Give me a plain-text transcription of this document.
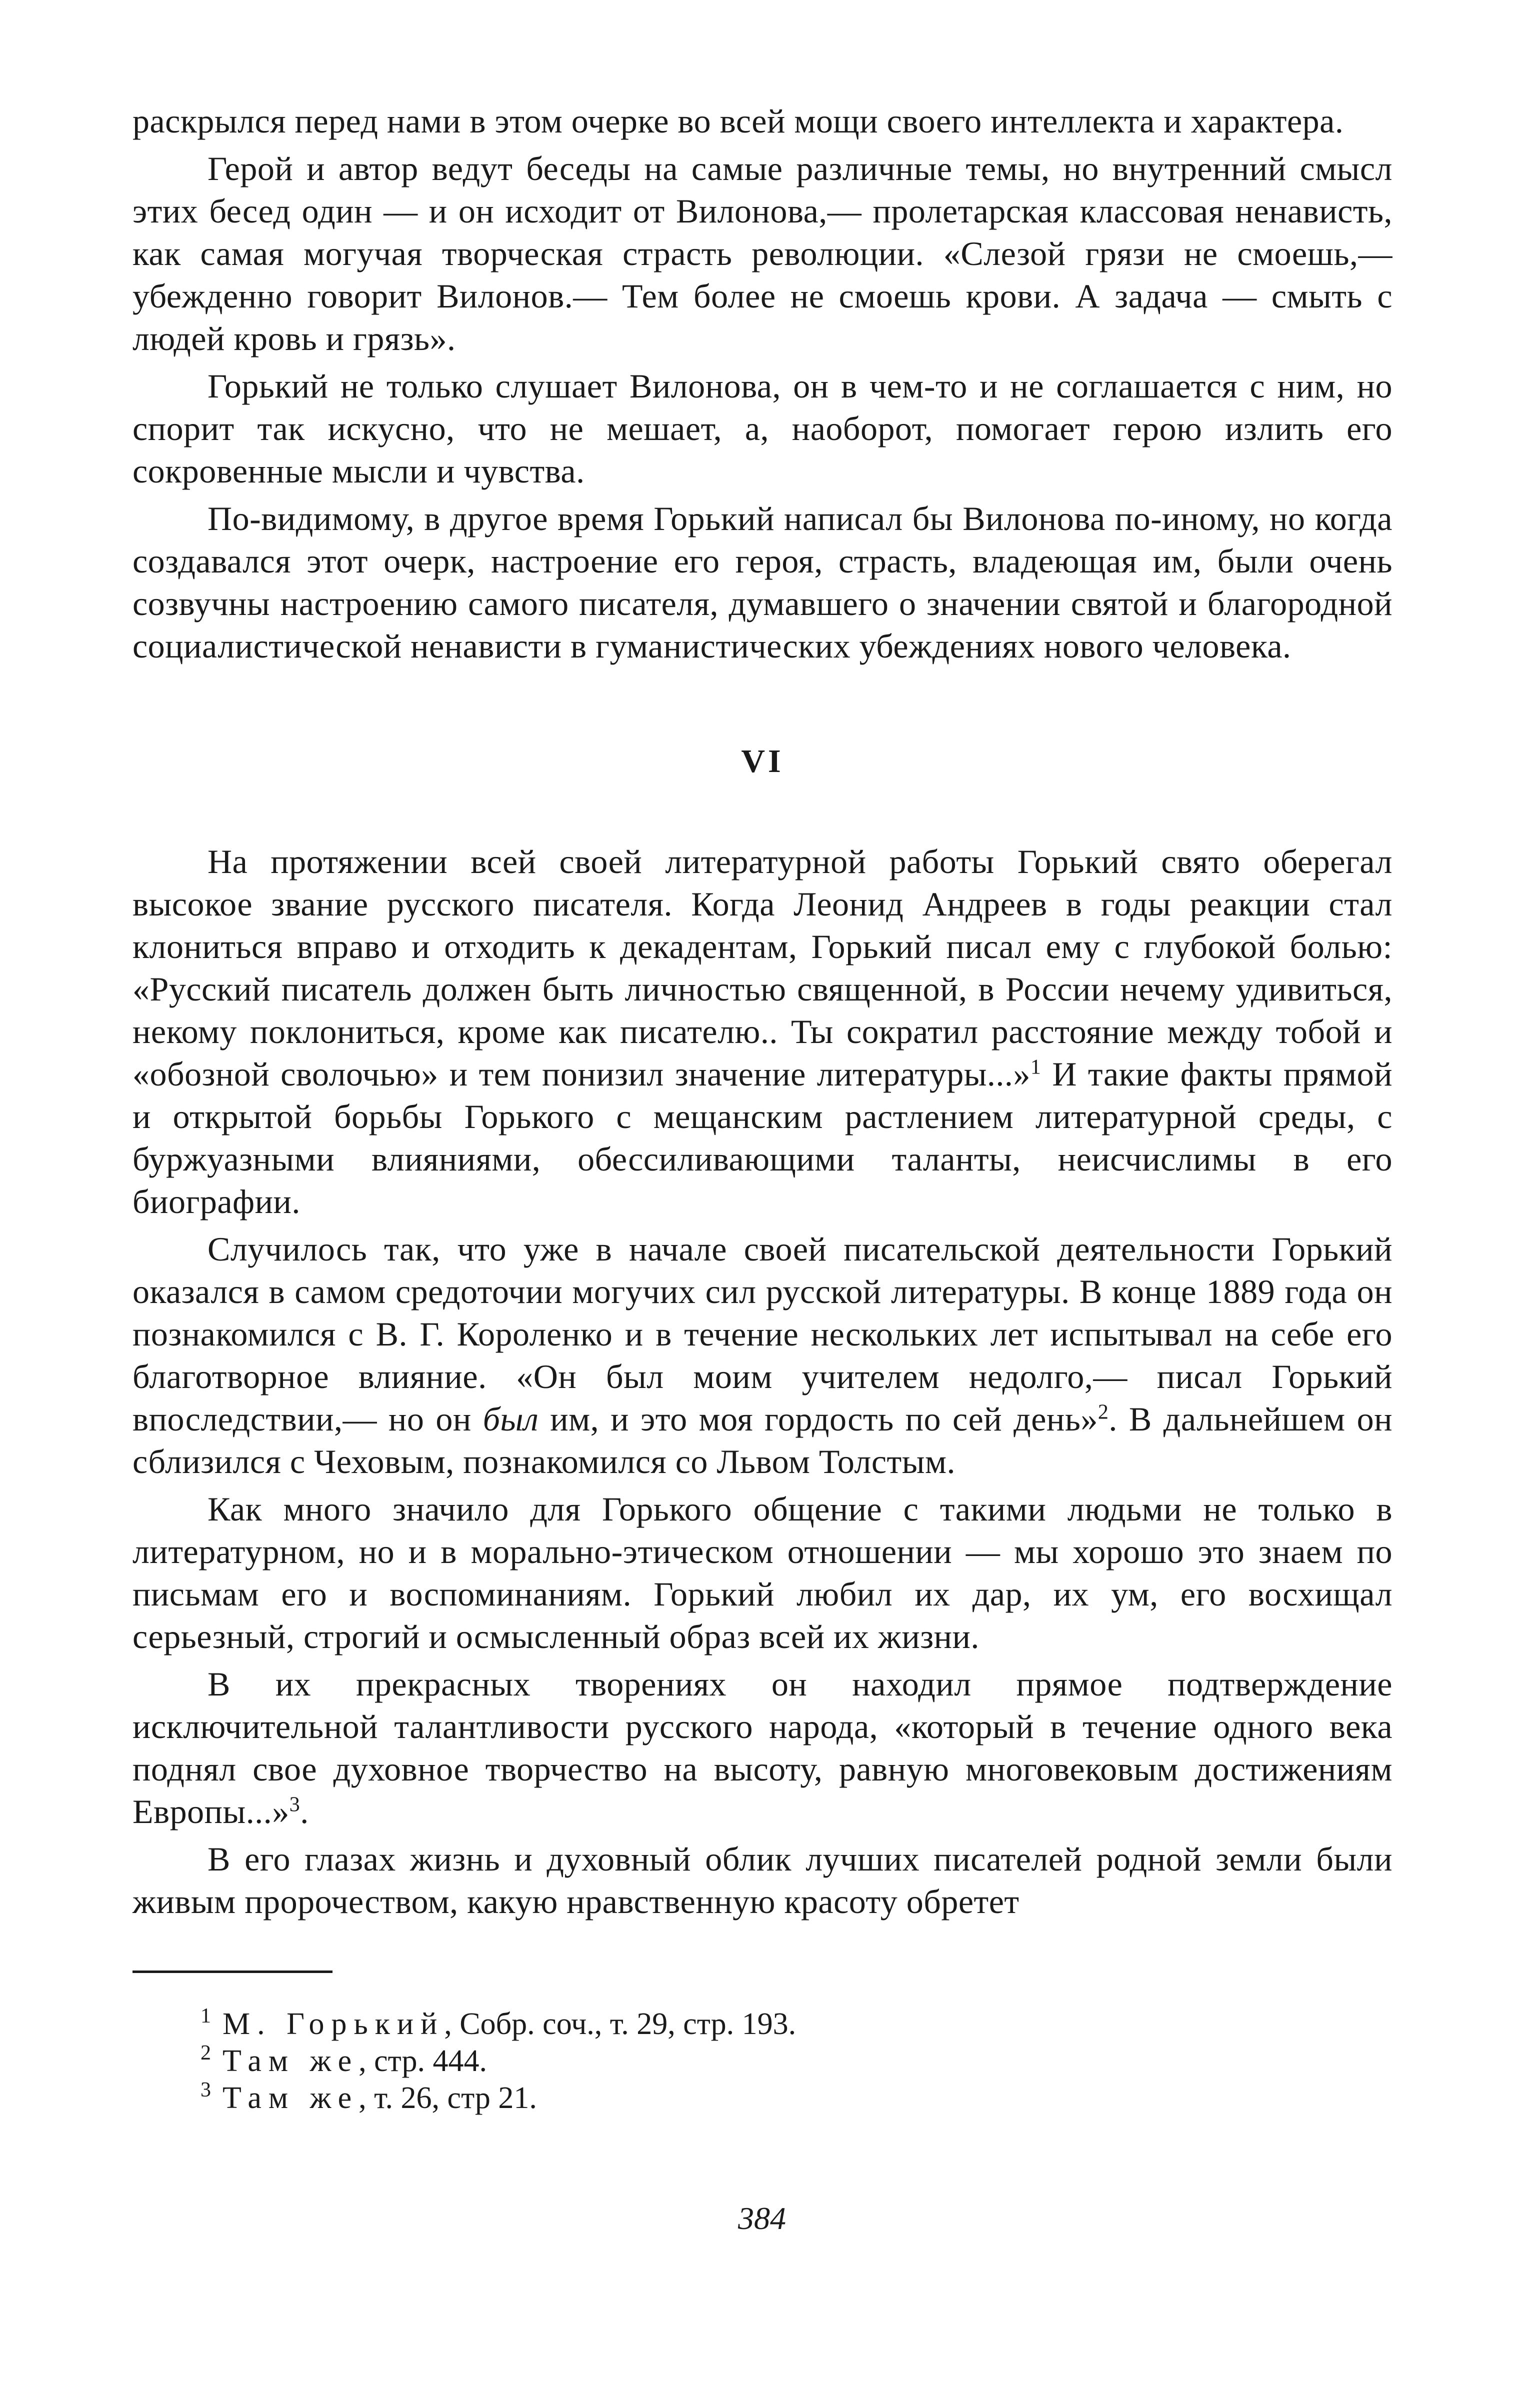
раскрылся перед нами в этом очерке во всей мощи своего интеллекта и характера.

Герой и автор ведут беседы на самые различные темы, но внутренний смысл этих бесед один — и он исходит от Вилонова,— пролетарская классовая ненависть, как самая могучая творческая страсть революции. «Слезой грязи не смоешь,— убежденно говорит Вилонов.— Тем более не смоешь крови. А задача — смыть с людей кровь и грязь».

Горький не только слушает Вилонова, он в чем-то и не соглашается с ним, но спорит так искусно, что не мешает, а, наоборот, помогает герою излить его сокровенные мысли и чувства.

По-видимому, в другое время Горький написал бы Вилонова по-иному, но когда создавался этот очерк, настроение его героя, страсть, владеющая им, были очень созвучны настроению самого писателя, думавшего о значении святой и благородной социалистической ненависти в гуманистических убеждениях нового человека.

VI

На протяжении всей своей литературной работы Горький свято оберегал высокое звание русского писателя. Когда Леонид Андреев в годы реакции стал клониться вправо и отходить к декадентам, Горький писал ему с глубокой болью: «Русский писатель должен быть личностью священной, в России нечему удивиться, некому поклониться, кроме как писателю.. Ты сократил расстояние между тобой и «обозной сволочью» и тем понизил значение литературы...»$^1$ И такие факты прямой и открытой борьбы Горького с мещанским растлением литературной среды, с буржуазными влияниями, обессиливающими таланты, неисчислимы в его биографии.

Случилось так, что уже в начале своей писательской деятельности Горький оказался в самом средоточии могучих сил русской литературы. В конце 1889 года он познакомился с В. Г. Короленко и в течение нескольких лет испытывал на себе его благотворное влияние. «Он был моим учителем недолго,— писал Горький впоследствии,— но он был им, и это моя гордость по сей день»$^2$. В дальнейшем он сблизился с Чеховым, познакомился со Львом Толстым.

Как много значило для Горького общение с такими людьми не только в литературном, но и в морально-этическом отношении — мы хорошо это знаем по письмам его и воспоминаниям. Горький любил их дар, их ум, его восхищал серьезный, строгий и осмысленный образ всей их жизни.

В их прекрасных творениях он находил прямое подтверждение исключительной талантливости русского народа, «который в течение одного века поднял свое духовное творчество на высоту, равную многовековым достижениям Европы...»$^3$.

В его глазах жизнь и духовный облик лучших писателей родной земли были живым пророчеством, какую нравственную красоту обретет

1 М. Горький, Собр. соч., т. 29, стр. 193.
2 Там же, стр. 444.
3 Там же, т. 26, стр 21.
384
